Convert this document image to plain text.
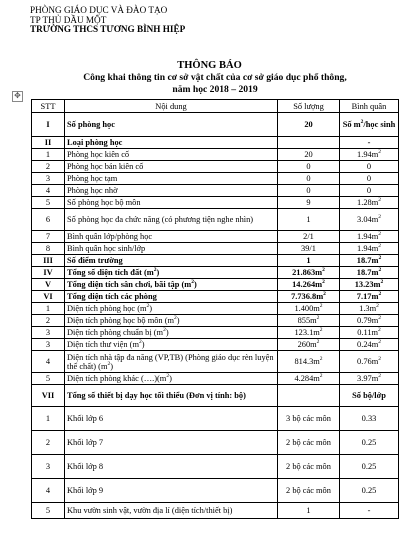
PHÒNG GIÁO DỤC VÀ ĐÀO TẠO
TP THỦ DẦU MỘT
TRƯỜNG THCS TƯƠNG BÌNH HIỆP
THÔNG BÁO
Công khai thông tin cơ sở vật chất của cơ sở giáo dục phổ thông,
năm học 2018 – 2019
✥
STT	Nội dung	Số lượng	Bình quân
I	Số phòng học	20	Số $m^2$/học sinh
II	Loại phòng học		-
1	Phòng học kiên cố	20	$1.94m^2$
2	Phòng học bán kiên cố	0	0
3	Phòng học tạm	0	0
4	Phòng học nhờ	0	0
5	Số phòng học bộ môn	9	$1.28m^2$
6	Số phòng học đa chức năng (có phương tiện nghe nhìn)	1	$3.04m^2$
7	Bình quân lớp/phòng học	2/1	$1.94m^2$
8	Bình quân học sinh/lớp	39/1	$1.94m^2$
III	Số điểm trường	1	$18.7m^2$
IV	Tổng số diện tích đất $(m^2)$	$21.863m^2$	$18.7m^2$
V	Tổng diện tích sân chơi, bãi tập $(m^2)$	$14.264m^2$	$13.23m^2$
VI	Tổng diện tích các phòng	$7.736.8m^2$	$7.17m^2$
1	Diện tích phòng học $(m^2)$	$1.400m^2$	$1.3m^2$
2	Diện tích phòng học bộ môn $(m^2)$	$855m^2$	$0.79m^2$
3	Diện tích phòng chuẩn bị $(m^2)$	$123.1m^2$	$0.11m^2$
3	Diện tích thư viện $(m^2)$	$260m^2$	$0.24m^2$
4	Diện tích nhà tập đa năng (VP,TB) (Phòng giáo dục rèn luyện thể chất) $(m^2)$	$814.3m^2$	$0.76m^2$
5	Diện tích phòng khác $(\dots.)(m^2)$	$4.284m^2$	$3.97m^2$
VII	Tổng số thiết bị dạy học tối thiểu (Đơn vị tính: bộ)		Số bộ/lớp
1	Khối lớp 6	3 bộ các môn	0.33
2	Khối lớp 7	2 bộ các môn	0.25
3	Khối lớp 8	2 bộ các môn	0.25
4	Khối lớp 9	2 bộ các môn	0.25
5	Khu vườn sinh vật, vườn địa lí (diện tích/thiết bị)	1	-
